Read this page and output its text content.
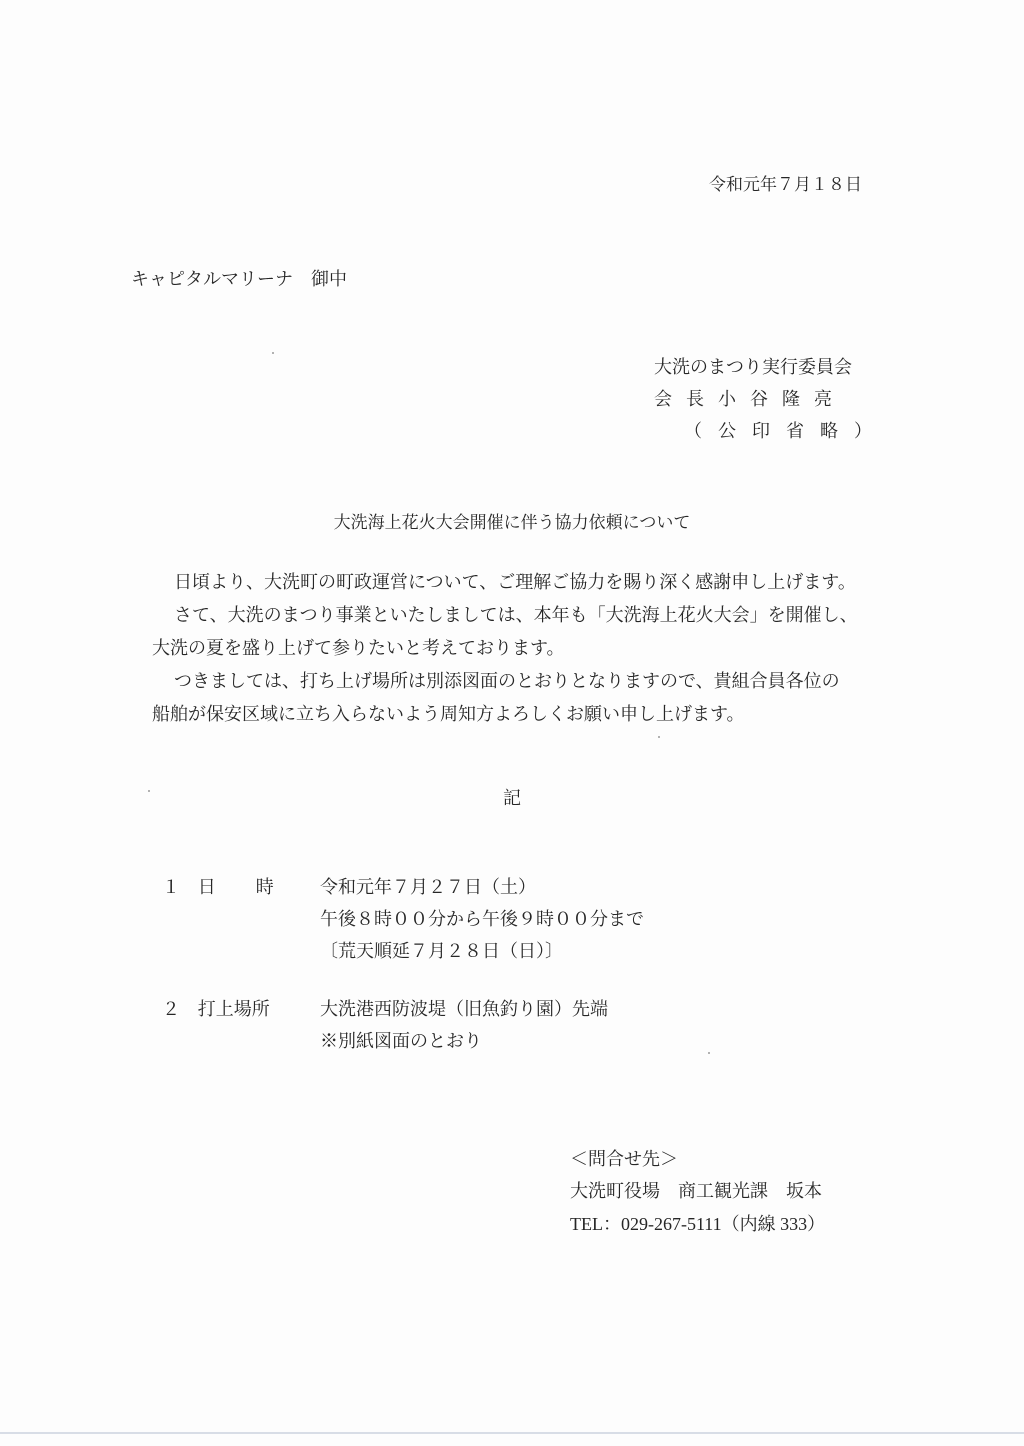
令和元年７月１８日
キャピタルマリーナ　御中
大洗のまつり実行委員会
会長小谷隆亮
（公印省略）
大洗海上花火大会開催に伴う協力依頼について

日頃より、大洗町の町政運営について、ご理解ご協力を賜り深く感謝申し上げます。

さて、大洗のまつり事業といたしましては、本年も「大洗海上花火大会」を開催し、

大洗の夏を盛り上げて参りたいと考えております。

つきましては、打ち上げ場所は別添図面のとおりとなりますので、貴組合員各位の

船舶が保安区域に立ち入らないよう周知方よろしくお願い申し上げます。

記
１ 日時 令和元年７月２７日（土）
午後８時００分から午後９時００分まで
〔荒天順延７月２８日（日）〕
２ 打上場所	大洗港西防波堤（旧魚釣り園）先端
※別紙図面のとおり
＜問合せ先＞
大洗町役場　商工観光課　坂本
TEL：029-267-5111（内線 333）
